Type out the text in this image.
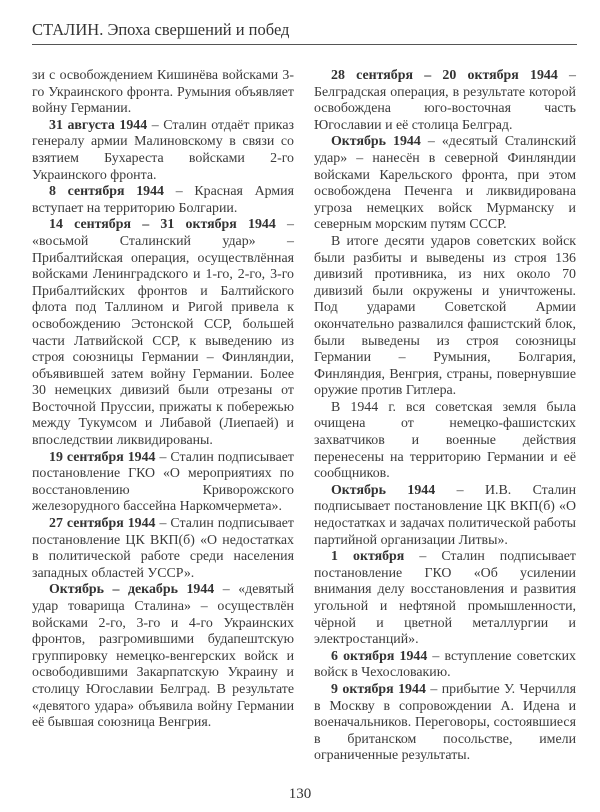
СТАЛИН. Эпоха свершений и побед

зи с освобождением Кишинёва войсками 3-го Украинского фронта. Румыния объявляет войну Германии.

31 августа 1944 – Сталин отдаёт приказ генералу армии Малиновскому в связи со взятием Бухареста войсками 2-го Украинского фронта.

8 сентября 1944 – Красная Армия вступает на территорию Болгарии.

14 сентября – 31 октября 1944 – «восьмой Сталинский удар» – Прибалтийская операция, осуществлённая войсками Ленинградского и 1-го, 2-го, 3-го Прибалтийских фронтов и Балтийского флота под Таллином и Ригой привела к освобождению Эстонской ССР, большей части Латвийской ССР, к выведению из строя союзницы Германии – Финляндии, объявившей затем войну Германии. Более 30 немецких дивизий были отрезаны от Восточной Пруссии, прижаты к побережью между Тукумсом и Либавой (Лиепаей) и впоследствии ликвидированы.

19 сентября 1944 – Сталин подписывает постановление ГКО «О мероприятиях по восстановлению Криворожского железорудного бассейна Наркомчермета».

27 сентября 1944 – Сталин подписывает постановление ЦК ВКП(б) «О недостатках в политической работе среди населения западных областей УССР».

Октябрь – декабрь 1944 – «девятый удар товарища Сталина» – осуществлён войсками 2-го, 3-го и 4-го Украинских фронтов, разгромившими будапештскую группировку немецко-венгерских войск и освободившими Закарпатскую Украину и столицу Югославии Белград. В результате «девятого удара» объявила войну Германии её бывшая союзница Венгрия.

28 сентября – 20 октября 1944 – Белградская операция, в результате которой освобождена юго-восточная часть Югославии и её столица Белград.

Октябрь 1944 – «десятый Сталинский удар» – нанесён в северной Финляндии войсками Карельского фронта, при этом освобождена Печенга и ликвидирована угроза немецких войск Мурманску и северным морским путям СССР.

В итоге десяти ударов советских войск были разбиты и выведены из строя 136 дивизий противника, из них около 70 дивизий были окружены и уничтожены. Под ударами Советской Армии окончательно развалился фашистский блок, были выведены из строя союзницы Германии – Румыния, Болгария, Финляндия, Венгрия, страны, повернувшие оружие против Гитлера.

В 1944 г. вся советская земля была очищена от немецко-фашистских захватчиков и военные действия перенесены на территорию Германии и её сообщников.

Октябрь 1944 – И.В. Сталин подписывает постановление ЦК ВКП(б) «О недостатках и задачах политической работы партийной организации Литвы».

1 октября – Сталин подписывает постановление ГКО «Об усилении внимания делу восстановления и развития угольной и нефтяной промышленности, чёрной и цветной металлургии и электростанций».

6 октября 1944 – вступление советских войск в Чехословакию.

9 октября 1944 – прибытие У. Черчилля в Москву в сопровождении А. Идена и военачальников. Переговоры, состоявшиеся в британском посольстве, имели ограниченные результаты.

130
